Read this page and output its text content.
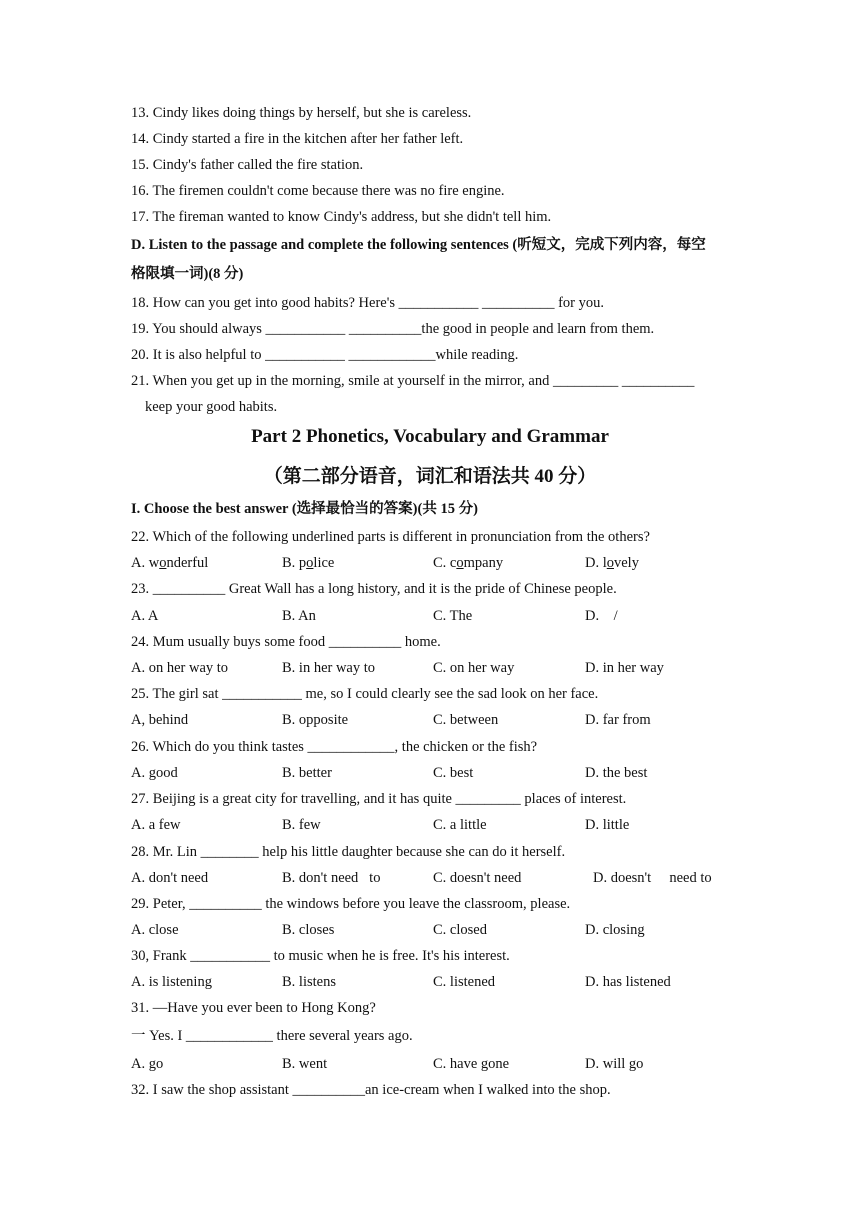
13. Cindy likes doing things by herself, but she is careless.
14. Cindy started a fire in the kitchen after her father left.
15. Cindy's father called the fire station.
16. The firemen couldn't come because there was no fire engine.
17. The fireman wanted to know Cindy's address, but she didn't tell him.
D. Listen to the passage and complete the following sentences (听短文，完成下列内容，每空
格限填一词)(8 分)
18. How can you get into good habits? Here's ___________ __________ for you.
19. You should always ___________ __________the good in people and learn from them.
20. It is also helpful to ___________ ____________while reading.
21. When you get up in the morning, smile at yourself in the mirror, and _________ __________
keep your good habits.
Part 2 Phonetics, Vocabulary and Grammar
（第二部分语音，词汇和语法共 40 分）
I. Choose the best answer (选择最恰当的答案)(共 15 分)
22. Which of the following underlined parts is different in pronunciation from the others?
A. wonderful	B. police	C. company	D. lovely
23. __________ Great Wall has a long history, and it is the pride of Chinese people.
A. A	B. An	C. The	D.    /
24. Mum usually buys some food __________ home.
A. on her way to	B. in her way to	C. on her way	D. in her way
25. The girl sat ___________ me, so I could clearly see the sad look on her face.
A, behind	B. opposite	C. between	D. far from
26. Which do you think tastes ____________, the chicken or the fish?
A. good	B. better	C. best	D. the best
27. Beijing is a great city for travelling, and it has quite _________ places of interest.
A. a few	B. few	C. a little	D. little
28. Mr. Lin ________ help his little daughter because she can do it herself.
A. don't need	B. don't need   to	C. doesn't need	D. doesn't     need to
29. Peter, __________ the windows before you leave the classroom, please.
A. close	B. closes	C. closed	D. closing
30, Frank ___________ to music when he is free. It's his interest.
A. is listening	B. listens	C. listened	D. has listened
31. —Have you ever been to Hong Kong?
一 Yes. I ____________ there several years ago.
A. go	B. went	C. have gone	D. will go
32. I saw the shop assistant __________an ice-cream when I walked into the shop.
